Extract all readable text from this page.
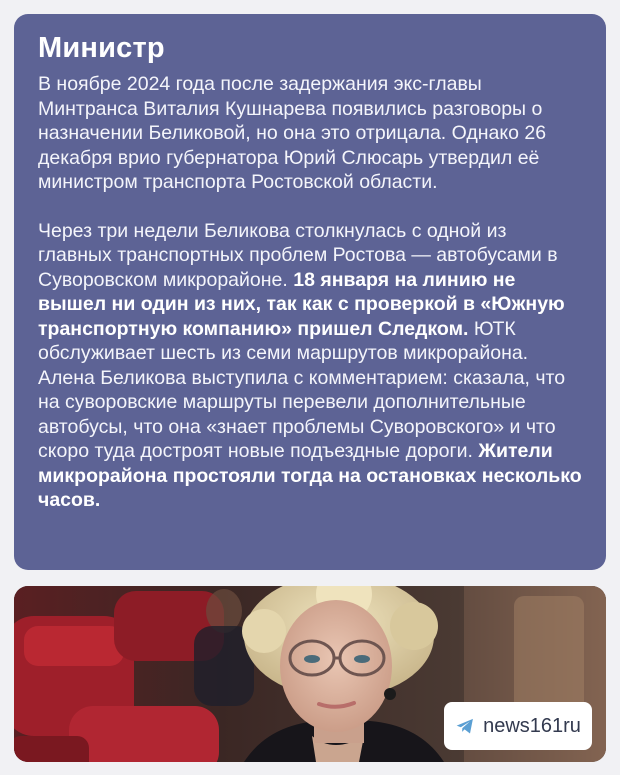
Министр

В ноябре 2024 года после задержания экс-главы Минтранса Виталия Кушнарева появились разговоры о назначении Беликовой, но она это отрицала. Однако 26 декабря врио губернатора Юрий Слюсарь утвердил её министром транспорта Ростовской области.

Через три недели Беликова столкнулась с одной из главных транспортных проблем Ростова — автобусами в Суворовском микрорайоне. 18 января на линию не вышел ни один из них, так как с проверкой в «Южную транспортную компанию» пришел Следком. ЮТК обслуживает шесть из семи маршрутов микрорайона. Алена Беликова выступила с комментарием: сказала, что на суворовские маршруты перевели дополнительные автобусы, что она «знает проблемы Суворовского» и что скоро туда достроят новые подъездные дороги. Жители микрорайона простояли тогда на остановках несколько часов.

news161ru
